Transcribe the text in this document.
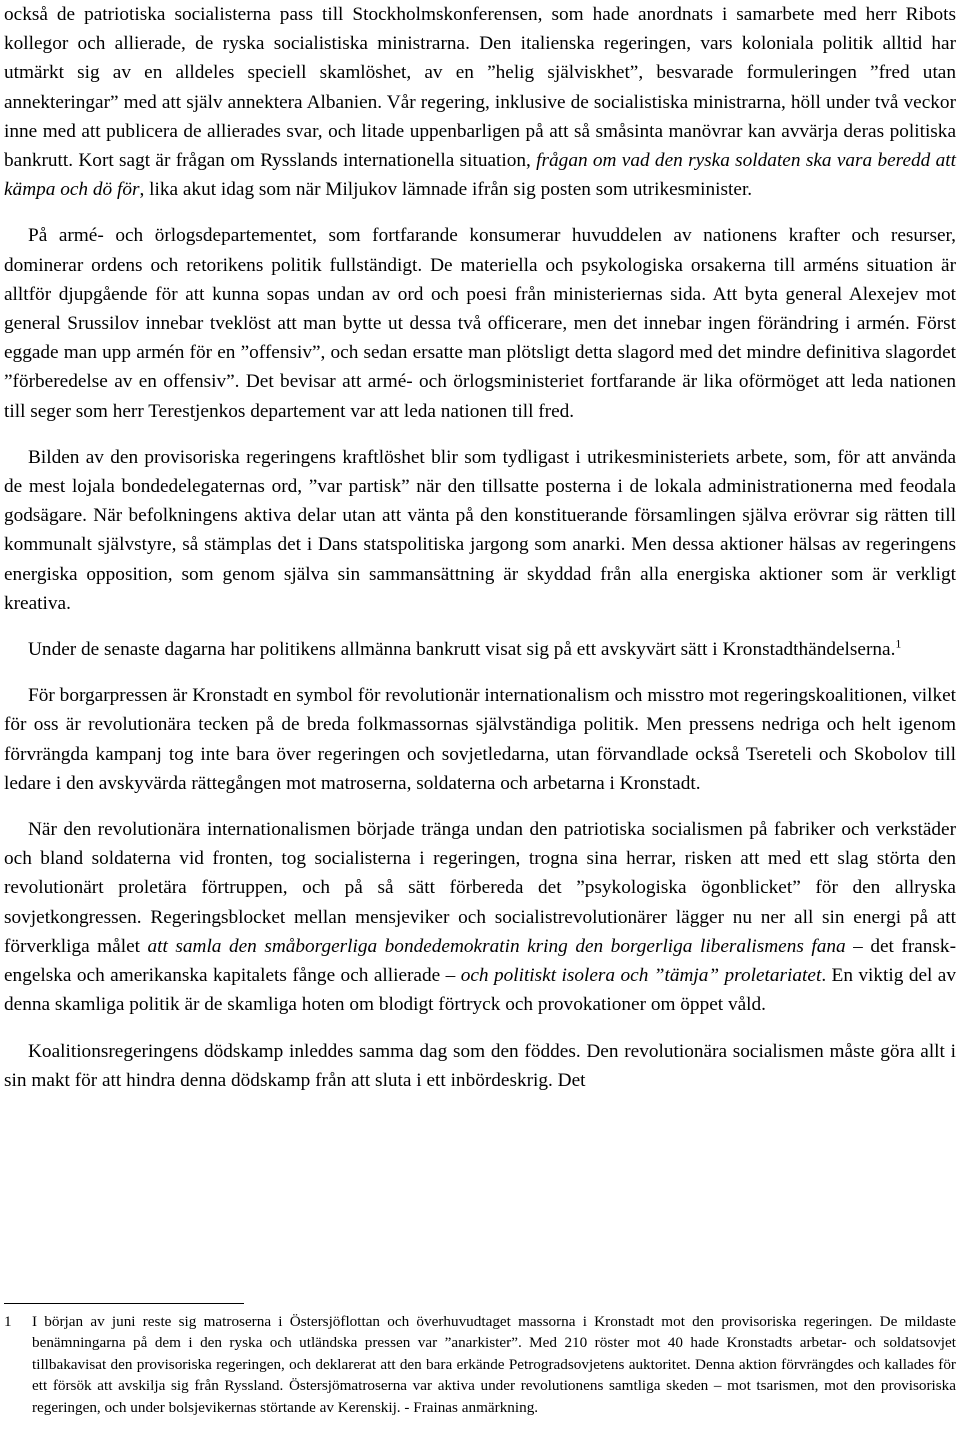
också de patriotiska socialisterna pass till Stockholmskonferensen, som hade anordnats i samarbete med herr Ribots kollegor och allierade, de ryska socialistiska ministrarna. Den italienska regeringen, vars koloniala politik alltid har utmärkt sig av en alldeles speciell skamlöshet, av en ”helig själviskhet”, besvarade formuleringen ”fred utan annekteringar” med att själv annektera Albanien. Vår regering, inklusive de socialistiska ministrarna, höll under två veckor inne med att publicera de allierades svar, och litade uppenbarligen på att så småsinta manövrar kan avvärja deras politiska bankrutt. Kort sagt är frågan om Rysslands internationella situation, frågan om vad den ryska soldaten ska vara beredd att kämpa och dö för, lika akut idag som när Miljukov lämnade ifrån sig posten som utrikesminister.

På armé- och örlogsdepartementet, som fortfarande konsumerar huvuddelen av nationens krafter och resurser, dominerar ordens och retorikens politik fullständigt. De materiella och psykologiska orsakerna till arméns situation är alltför djupgående för att kunna sopas undan av ord och poesi från ministeriernas sida. Att byta general Alexejev mot general Srussilov innebar tveklöst att man bytte ut dessa två officerare, men det innebar ingen förändring i armén. Först eggade man upp armén för en ”offensiv”, och sedan ersatte man plötsligt detta slagord med det mindre definitiva slagordet ”förberedelse av en offensiv”. Det bevisar att armé- och örlogsministeriet fortfarande är lika oförmöget att leda nationen till seger som herr Terestjenkos departement var att leda nationen till fred.

Bilden av den provisoriska regeringens kraftlöshet blir som tydligast i utrikesministeriets arbete, som, för att använda de mest lojala bondedelegaternas ord, ”var partisk” när den tillsatte posterna i de lokala administrationerna med feodala godsägare. När befolkningens aktiva delar utan att vänta på den konstituerande församlingen själva erövrar sig rätten till kommunalt självstyre, så stämplas det i Dans statspolitiska jargong som anarki. Men dessa aktioner hälsas av regeringens energiska opposition, som genom själva sin sammansättning är skyddad från alla energiska aktioner som är verkligt kreativa.

Under de senaste dagarna har politikens allmänna bankrutt visat sig på ett avskyvärt sätt i Kronstadthändelserna.$^1$

För borgarpressen är Kronstadt en symbol för revolutionär internationalism och misstro mot regeringskoalitionen, vilket för oss är revolutionära tecken på de breda folkmassornas självständiga politik. Men pressens nedriga och helt igenom förvrängda kampanj tog inte bara över regeringen och sovjetledarna, utan förvandlade också Tsereteli och Skobolov till ledare i den avskyvärda rättegången mot matroserna, soldaterna och arbetarna i Kronstadt.

När den revolutionära internationalismen började tränga undan den patriotiska socialismen på fabriker och verkstäder och bland soldaterna vid fronten, tog socialisterna i regeringen, trogna sina herrar, risken att med ett slag störta den revolutionärt proletära förtruppen, och på så sätt förbereda det ”psykologiska ögonblicket” för den allryska sovjetkongressen. Regeringsblocket mellan mensjeviker och socialistrevolutionärer lägger nu ner all sin energi på att förverkliga målet att samla den småborgerliga bondedemokratin kring den borgerliga liberalismens fana – det fransk-engelska och amerikanska kapitalets fånge och allierade – och politiskt isolera och ”tämja” proletariatet. En viktig del av denna skamliga politik är de skamliga hoten om blodigt förtryck och provokationer om öppet våld.

Koalitionsregeringens dödskamp inleddes samma dag som den föddes. Den revolutionära socialismen måste göra allt i sin makt för att hindra denna dödskamp från att sluta i ett inbördeskrig. Det

1	I början av juni reste sig matroserna i Östersjöflottan och överhuvudtaget massorna i Kronstadt mot den provisoriska regeringen. De mildaste benämningarna på dem i den ryska och utländska pressen var ”anarkister”. Med 210 röster mot 40 hade Kronstadts arbetar- och soldatsovjet tillbakavisat den provisoriska regeringen, och deklarerat att den bara erkände Petrogradsovjetens auktoritet. Denna aktion förvrängdes och kallades för ett försök att avskilja sig från Ryssland. Östersjömatroserna var aktiva under revolutionens samtliga skeden – mot tsarismen, mot den provisoriska regeringen, och under bolsjevikernas störtande av Kerenskij. - Frainas anmärkning.
